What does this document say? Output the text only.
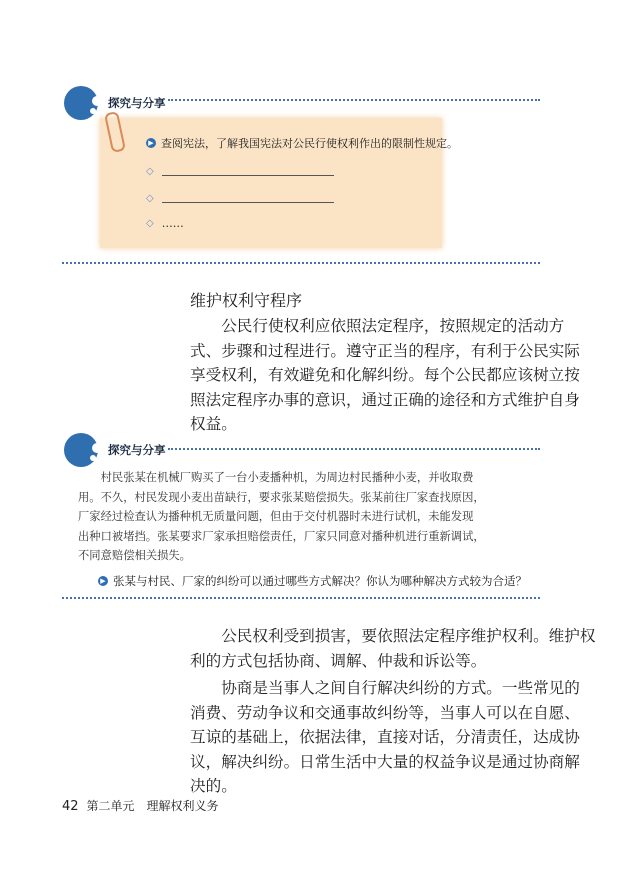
探究与分享
▶ 查阅宪法，了解我国宪法对公民行使权利作出的限制性规定。
◇
◇
◇ ……
维护权利守程序
　　公民行使权利应依照法定程序，按照规定的活动方
式、步骤和过程进行。遵守正当的程序，有利于公民实际
享受权利，有效避免和化解纠纷。每个公民都应该树立按
照法定程序办事的意识，通过正确的途径和方式维护自身
权益。
探究与分享
　　村民张某在机械厂购买了一台小麦播种机，为周边村民播种小麦，并收取费
用。不久，村民发现小麦出苗缺行，要求张某赔偿损失。张某前往厂家查找原因，
厂家经过检查认为播种机无质量问题，但由于交付机器时未进行试机，未能发现
出种口被堵挡。张某要求厂家承担赔偿责任，厂家只同意对播种机进行重新调试，
不同意赔偿相关损失。
▶ 张某与村民、厂家的纠纷可以通过哪些方式解决？你认为哪种解决方式较为合适？
　　公民权利受到损害，要依照法定程序维护权利。维护权
利的方式包括协商、调解、仲裁和诉讼等。
　　协商是当事人之间自行解决纠纷的方式。一些常见的
消费、劳动争议和交通事故纠纷等，当事人可以在自愿、
互谅的基础上，依据法律，直接对话，分清责任，达成协
议，解决纠纷。日常生活中大量的权益争议是通过协商解
决的。
42 第二单元　理解权利义务
